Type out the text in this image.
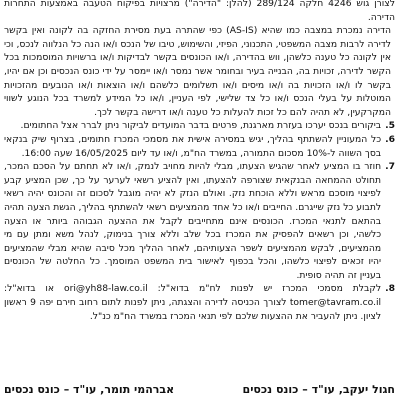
לצורן גוש 4246 חלקה 289/124 (להלן: "הדירה") מרצויות בפיקוח הטעבה באמצעות התחרות הדירה.

הדירה נמכרת במצבה כמו שהיא (AS-IS) כפי שהתרה בעת מסירת החזקה בה לקונה ואין בקשר לדירה לרבות מצבה המשפטי, התכנוני, הפיזי, והשימוש, טיבו של הנכס ו/או הנה כל הנלווה לנכס, וכי אין לקונה כל טענה כלשהן, ווש בהדירה, ו/או הכונסים בקשר לבדיקות ו/או ברשויות המוסמכות בכל הקשר לדירה, זכויות בה, הבנייה בעיר ובחומר אשר נמסר ו/או יימסר על ידי כונס הנכסים וכן אם יהיו, בקשר לו ו/או הזכויות בה ו/או מיסים ו/או תשלומים כלשהם ו/או הוצאות ו/או הנובעים מהזכויות המוטלות על בעלי הנכס ו/או כל צד שלישי, לפי העניין, ו/או כל המידע למשרד בכל הנוגע לשווי המקרקעין, לא תהיה להם כל זכות להעלות כל טענה ו/או דרישה בקשר לכך.

5.

ביקורים בנכס יערכו בעזרת מארגנת, פרטים בדבר המועדים לביקור ניתן לברר אצל החתומים.

6.

כל המעוניין להשתתף בהליך, יגיש במסירה אישית את מסמכי המכרז חתומים, בצרוף שיק בנקאי בסך השווה ל-10% מסכום התמורה, במשרד הח"מ, ו/או עד ליום 16/05/2025 שעה 16:00.

7.

חוזר בו המציע לאחר שהגיש הצעתו, מבלי להיות מחויב לנמק, ו/או לא תחתם על הסכם המכר, תחולט ההמחאה הבנקאית שצורפה להצעתו, ואין להציע רשאי לערער על כך, שכן המציע קבע לפיצוי מוסכם מראש וללא הוכחת נזק. ואולם הנזק לא יהיה מוגבל לסכום זה והכונס יהיה רשאי לתבוע כל נזק שייגרם. החייבים ו/או כל אחד מהמציעים רשאי להשתתף בהליך, הגשת הצעה תהיה בהתאם לתנאי המכרז. הכונסים אינם מתחייבים לקבל את ההצעה הגבוהה ביותר או הצעה כלשהי, וכן רשאים להפסיק את המכרז בכל שלב וללא צורך בנימוק, לנהל משא ומתן עם מי מהמציעים, לבקש מהמציעים לשפר הצעותיהם, לאחר ההליך מכל סיבה שהיא מבלי שהמציעים יהיו זכאים לפיצוי כלשהו, והכל בכפוף לאישור בית המשפט המוסמך. כל החלטה של הכונסים בעניין זה תהיה סופית.

8.

לקבלת מסמכי המכרז יש לפנות לח"מ בדוא"ל: ori@yh88-law.co.il או בדוא"ל: tomer@tavram.co.il לצורך הכניסה לדירה והצגתה, ניתן לפנות לתום רחוב חירם יפה 9 ראשון לציון. ניתן להעביר את ההצעות שלכם לפי תנאי המכרז במשרד הח"מ כנ"ל.

חגול יעקב, עו"ד – כונס נכסים
אברהמי תומר, עו"ד – כונס נכסים
